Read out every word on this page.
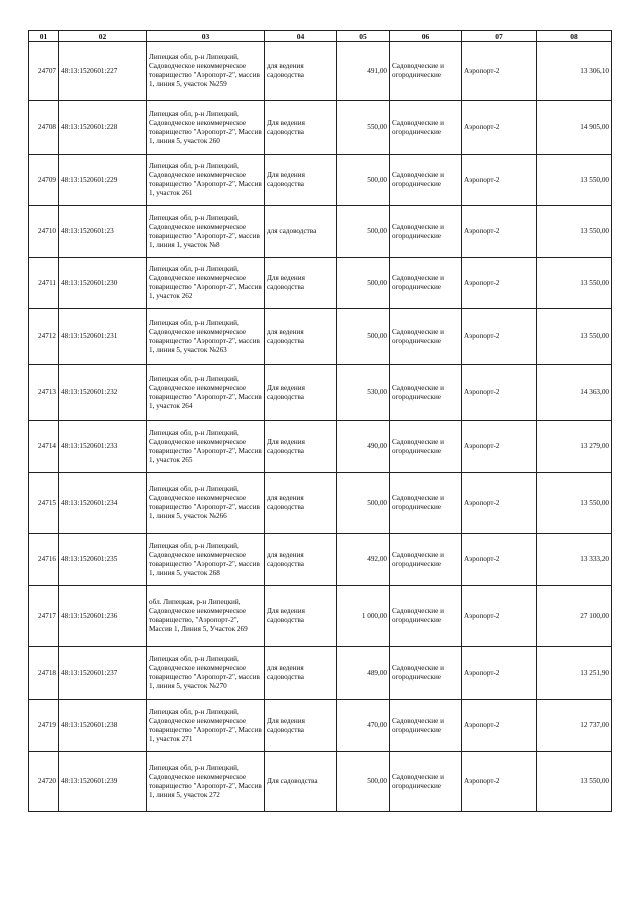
01	02	03	04	05	06	07	08
24707	48:13:1520601:227	Липецкая обл, р-н Липецкий, Садоводческое некоммерческое товарищество "Аэропорт-2", массив 1, линия 5, участок №259	для ведения садоводства	491,00	Садоводческие и огороднические	Аэропорт-2	13 306,10
24708	48:13:1520601:228	Липецкая обл, р-н Липецкий, Садоводческое некоммерческое товарищество "Аэропорт-2", Массив 1, линия 5, участок 260	Для ведения садоводства	550,00	Садоводческие и огороднические	Аэропорт-2	14 905,00
24709	48:13:1520601:229	Липецкая обл, р-н Липецкий, Садоводческое некоммерческое товарищество "Аэропорт-2", Массив 1, участок 261	Для ведения садоводства	500,00	Садоводческие и огороднические	Аэропорт-2	13 550,00
24710	48:13:1520601:23	Липецкая обл, р-н Липецкий, Садоводческое некоммерческое товарищество "Аэропорт-2", массив 1, линия 1, участок №8	для садоводства	500,00	Садоводческие и огороднические	Аэропорт-2	13 550,00
24711	48:13:1520601:230	Липецкая обл, р-н Липецкий, Садоводческое некоммерческое товарищество "Аэропорт-2", Массив 1, участок 262	Для ведения садоводства	500,00	Садоводческие и огороднические	Аэропорт-2	13 550,00
24712	48:13:1520601:231	Липецкая обл, р-н Липецкий, Садоводческое некоммерческое товарищество "Аэропорт-2", массив 1, линия 5, участок №263	для ведения садоводства	500,00	Садоводческие и огороднические	Аэропорт-2	13 550,00
24713	48:13:1520601:232	Липецкая обл, р-н Липецкий, Садоводческое некоммерческое товарищество "Аэропорт-2", Массив 1, участок 264	Для ведения садоводства	530,00	Садоводческие и огороднические	Аэропорт-2	14 363,00
24714	48:13:1520601:233	Липецкая обл, р-н Липецкий, Садоводческое некоммерческое товарищество "Аэропорт-2", Массив 1, участок 265	Для ведения садоводства	490,00	Садоводческие и огороднические	Аэропорт-2	13 279,00
24715	48:13:1520601:234	Липецкая обл, р-н Липецкий, Садоводческое некоммерческое товарищество "Аэропорт-2", массив 1, линия 5, участок №266	для ведения садоводства	500,00	Садоводческие и огороднические	Аэропорт-2	13 550,00
24716	48:13:1520601:235	Липецкая обл, р-н Липецкий, Садоводческое некоммерческое товарищество "Аэропорт-2", массив 1, линия 5, участок 268	для ведения садоводства	492,00	Садоводческие и огороднические	Аэропорт-2	13 333,20
24717	48:13:1520601:236	обл. Липецкая, р-н Липецкий, Садоводческое некоммерческое товарищество, "Аэропорт-2", Массив 1, Линия 5, Участок 269	Для ведения садоводства	1 000,00	Садоводческие и огороднические	Аэропорт-2	27 100,00
24718	48:13:1520601:237	Липецкая обл, р-н Липецкий, Садоводческое некоммерческое товарищество "Аэропорт-2", массив 1, линия 5, участок №270	для ведения садоводства	489,00	Садоводческие и огороднические	Аэропорт-2	13 251,90
24719	48:13:1520601:238	Липецкая обл, р-н Липецкий, Садоводческое некоммерческое товарищество "Аэропорт-2", Массив 1, участок 271	Для ведения садоводства	470,00	Садоводческие и огороднические	Аэропорт-2	12 737,00
24720	48:13:1520601:239	Липецкая обл, р-н Липецкий, Садоводческое некоммерческое товарищество "Аэропорт-2", Массив 1, линия 5, участок 272	Для садоводства	500,00	Садоводческие и огороднические	Аэропорт-2	13 550,00
